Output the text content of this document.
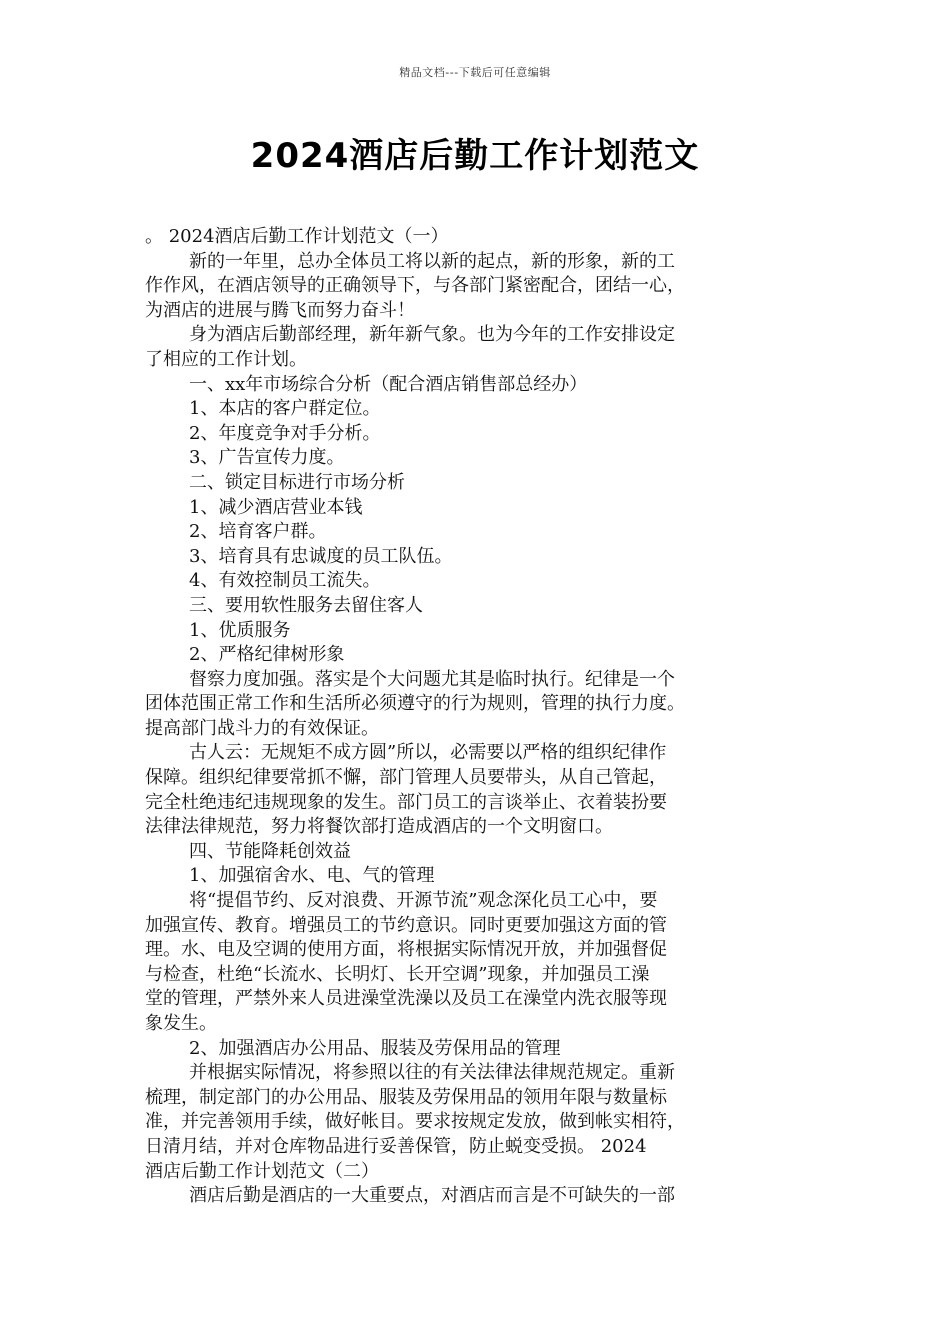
精品文档---下载后可任意编辑
2024酒店后勤工作计划范文
。 2024酒店后勤工作计划范文（一）
新的一年里，总办全体员工将以新的起点，新的形象，新的工
作作风，在酒店领导的正确领导下，与各部门紧密配合，团结一心，
为酒店的进展与腾飞而努力奋斗！
身为酒店后勤部经理，新年新气象。也为今年的工作安排设定
了相应的工作计划。
一、xx年市场综合分析（配合酒店销售部总经办）
1、本店的客户群定位。
2、年度竞争对手分析。
3、广告宣传力度。
二、锁定目标进行市场分析
1、减少酒店营业本钱
2、培育客户群。
3、培育具有忠诚度的员工队伍。
4、有效控制员工流失。
三、要用软性服务去留住客人
1、优质服务
2、严格纪律树形象
督察力度加强。落实是个大问题尤其是临时执行。纪律是一个
团体范围正常工作和生活所必须遵守的行为规则，管理的执行力度。
提高部门战斗力的有效保证。
古人云：无规矩不成方圆”所以，必需要以严格的组织纪律作
保障。组织纪律要常抓不懈，部门管理人员要带头，从自己管起，
完全杜绝违纪违规现象的发生。部门员工的言谈举止、衣着装扮要
法律法律规范，努力将餐饮部打造成酒店的一个文明窗口。
四、节能降耗创效益
1、加强宿舍水、电、气的管理
将“提倡节约、反对浪费、开源节流”观念深化员工心中，要
加强宣传、教育。增强员工的节约意识。同时更要加强这方面的管
理。水、电及空调的使用方面，将根据实际情况开放，并加强督促
与检查，杜绝“长流水、长明灯、长开空调”现象，并加强员工澡
堂的管理，严禁外来人员进澡堂洗澡以及员工在澡堂内洗衣服等现
象发生。
2、加强酒店办公用品、服装及劳保用品的管理
并根据实际情况，将参照以往的有关法律法律规范规定。重新
梳理，制定部门的办公用品、服装及劳保用品的领用年限与数量标
准，并完善领用手续，做好帐目。要求按规定发放，做到帐实相符，
日清月结，并对仓库物品进行妥善保管，防止蜕变受损。 2024
酒店后勤工作计划范文（二）
酒店后勤是酒店的一大重要点，对酒店而言是不可缺失的一部
